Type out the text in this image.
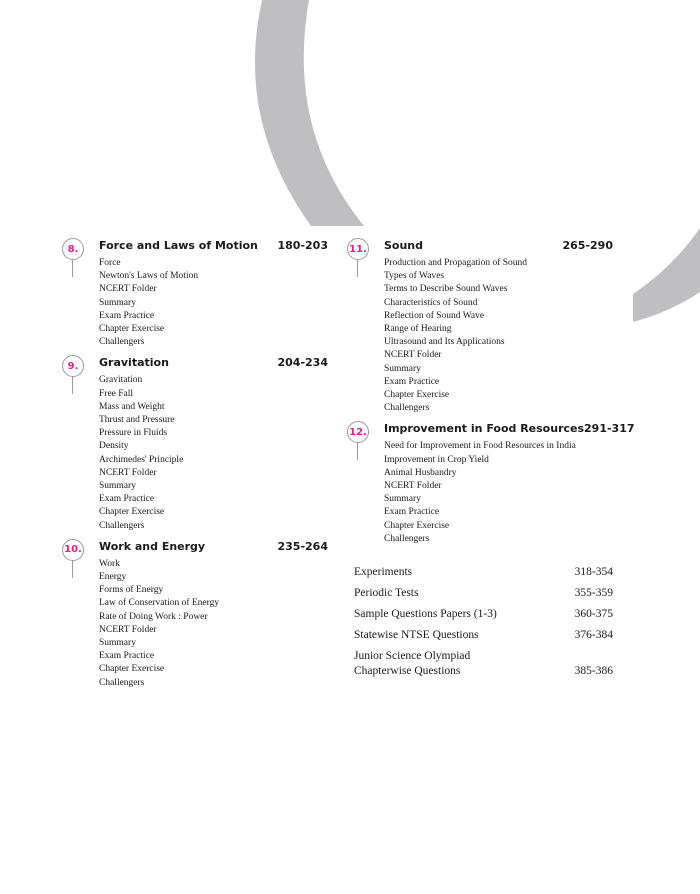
8. Force and Laws of Motion 180-203
Force
Newton's Laws of Motion
NCERT Folder
Summary
Exam Practice
Chapter Exercise
Challengers
9. Gravitation	204-234
Gravitation
Free Fall
Mass and Weight
Thrust and Pressure
Pressure in Fluids
Density
Archimedes' Principle
NCERT Folder
Summary
Exam Practice
Chapter Exercise
Challengers
10. Work and Energy	235-264
Work
Energy
Forms of Energy
Law of Conservation of Energy
Rate of Doing Work : Power
NCERT Folder
Summary
Exam Practice
Chapter Exercise
Challengers
11. Sound	265-290
Production and Propagation of Sound
Types of Waves
Terms to Describe Sound Waves
Characteristics of Sound
Reflection of Sound Wave
Range of Hearing
Ultrasound and Its Applications
NCERT Folder
Summary
Exam Practice
Chapter Exercise
Challengers
12. Improvement in Food Resources 291-317
Need for Improvement in Food Resources in India
Improvement in Crop Yield
Animal Husbandry
NCERT Folder
Summary
Exam Practice
Chapter Exercise
Challengers
Experiments	318-354
Periodic Tests	355-359
Sample Questions Papers (1-3)	360-375
Statewise NTSE Questions	376-384
Junior Science Olympiad
Chapterwise Questions	385-386
